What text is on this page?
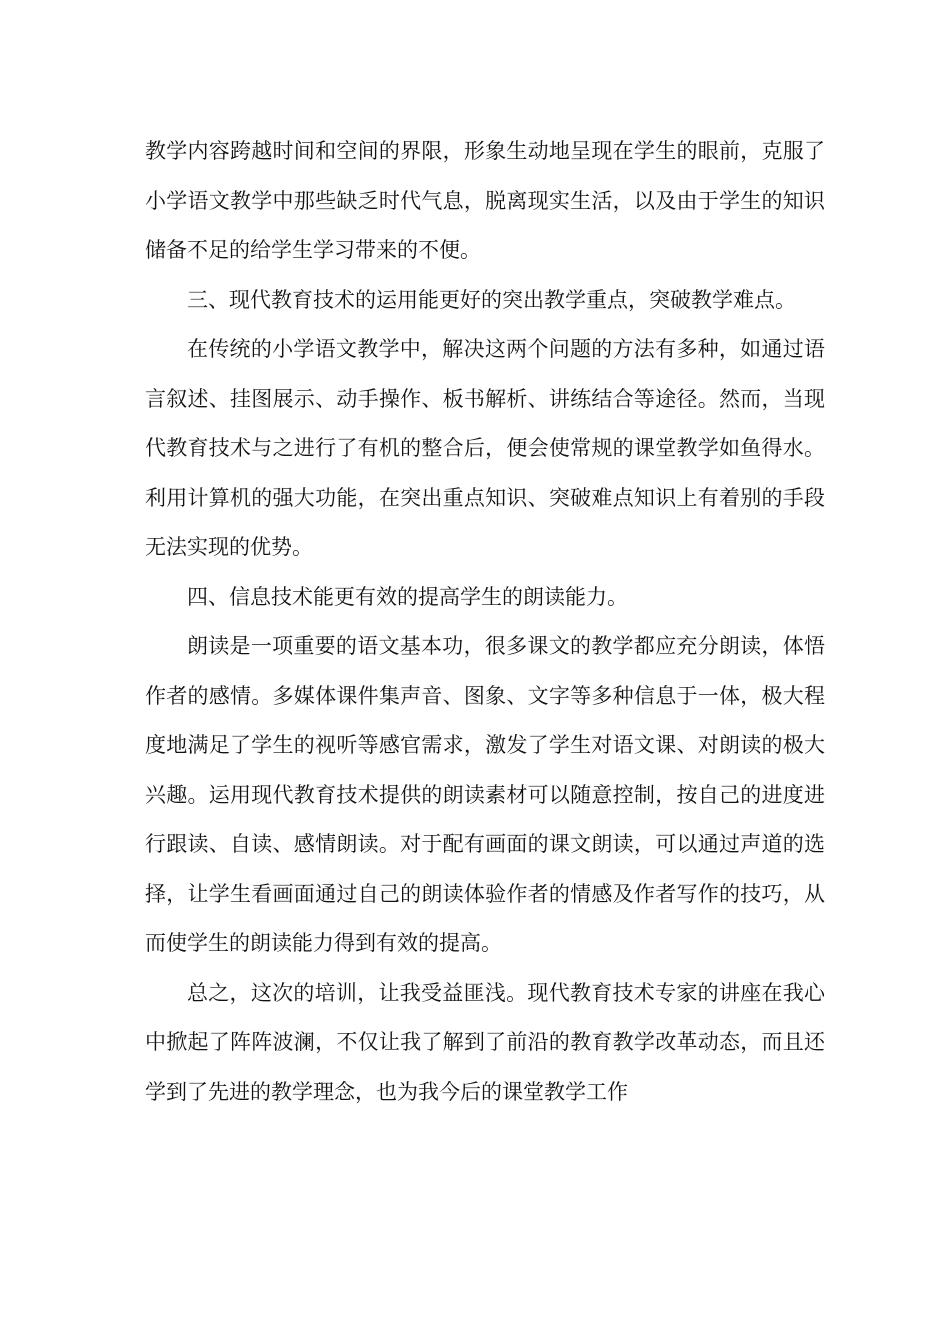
教学内容跨越时间和空间的界限，形象生动地呈现在学生的眼前，克服了小学语文教学中那些缺乏时代气息，脱离现实生活，以及由于学生的知识储备不足的给学生学习带来的不便。

三、现代教育技术的运用能更好的突出教学重点，突破教学难点。

在传统的小学语文教学中，解决这两个问题的方法有多种，如通过语言叙述、挂图展示、动手操作、板书解析、讲练结合等途径。然而，当现代教育技术与之进行了有机的整合后，便会使常规的课堂教学如鱼得水。利用计算机的强大功能，在突出重点知识、突破难点知识上有着别的手段无法实现的优势。

四、信息技术能更有效的提高学生的朗读能力。

朗读是一项重要的语文基本功，很多课文的教学都应充分朗读，体悟作者的感情。多媒体课件集声音、图象、文字等多种信息于一体，极大程度地满足了学生的视听等感官需求，激发了学生对语文课、对朗读的极大兴趣。运用现代教育技术提供的朗读素材可以随意控制，按自己的进度进行跟读、自读、感情朗读。对于配有画面的课文朗读，可以通过声道的选择，让学生看画面通过自己的朗读体验作者的情感及作者写作的技巧，从而使学生的朗读能力得到有效的提高。

总之，这次的培训，让我受益匪浅。现代教育技术专家的讲座在我心中掀起了阵阵波澜，不仅让我了解到了前沿的教育教学改革动态，而且还学到了先进的教学理念，也为我今后的课堂教学工作
